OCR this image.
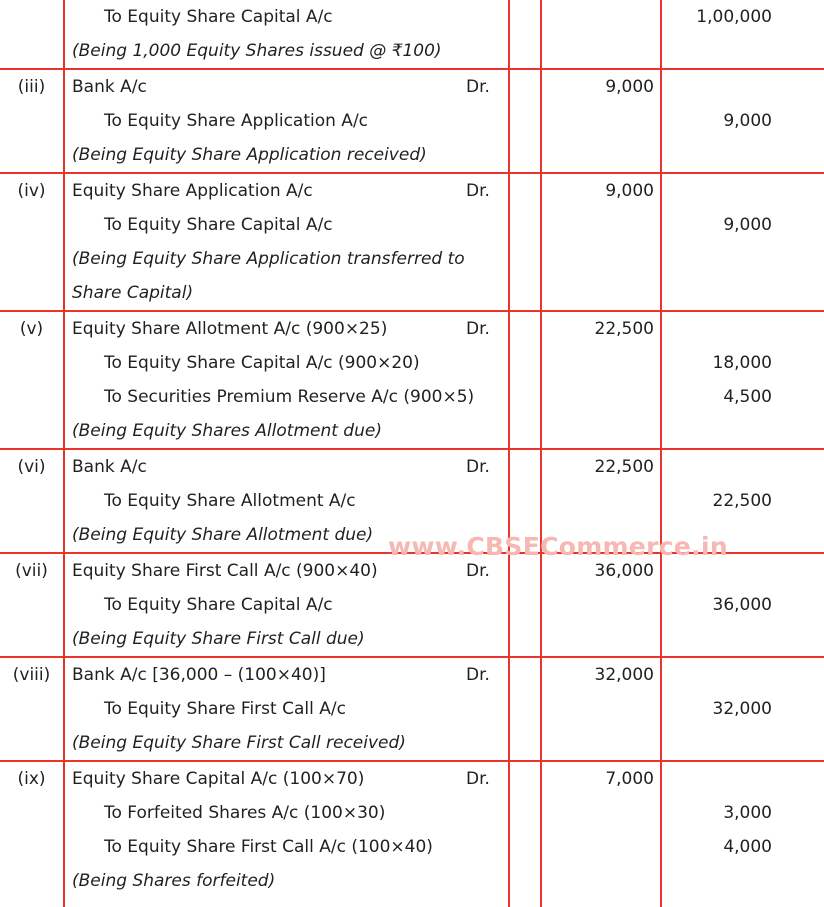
To Equity Share Capital A/c	1,00,000
(Being 1,000 Equity Shares issued @ ₹100)
(iii)	Bank A/c	Dr.	9,000
To Equity Share Application A/c	9,000
(Being Equity Share Application received)
(iv)	Equity Share Application A/c	Dr.	9,000
To Equity Share Capital A/c	9,000
(Being Equity Share Application transferred to
Share Capital)
(v)	Equity Share Allotment A/c (900×25)	Dr.	22,500
To Equity Share Capital A/c (900×20)	18,000
To Securities Premium Reserve A/c (900×5)	4,500
(Being Equity Shares Allotment due)
(vi)	Bank A/c	Dr.	22,500
To Equity Share Allotment A/c	22,500
(Being Equity Share Allotment due)
(vii)	Equity Share First Call A/c (900×40)	Dr.	36,000
To Equity Share Capital A/c	36,000
(Being Equity Share First Call due)
(viii)	Bank A/c [36,000 – (100×40)]	Dr.	32,000
To Equity Share First Call A/c	32,000
(Being Equity Share First Call received)
(ix)	Equity Share Capital A/c (100×70)	Dr.	7,000
To Forfeited Shares A/c (100×30)	3,000
To Equity Share First Call A/c (100×40)	4,000
(Being Shares forfeited)
www.CBSECommerce.in
